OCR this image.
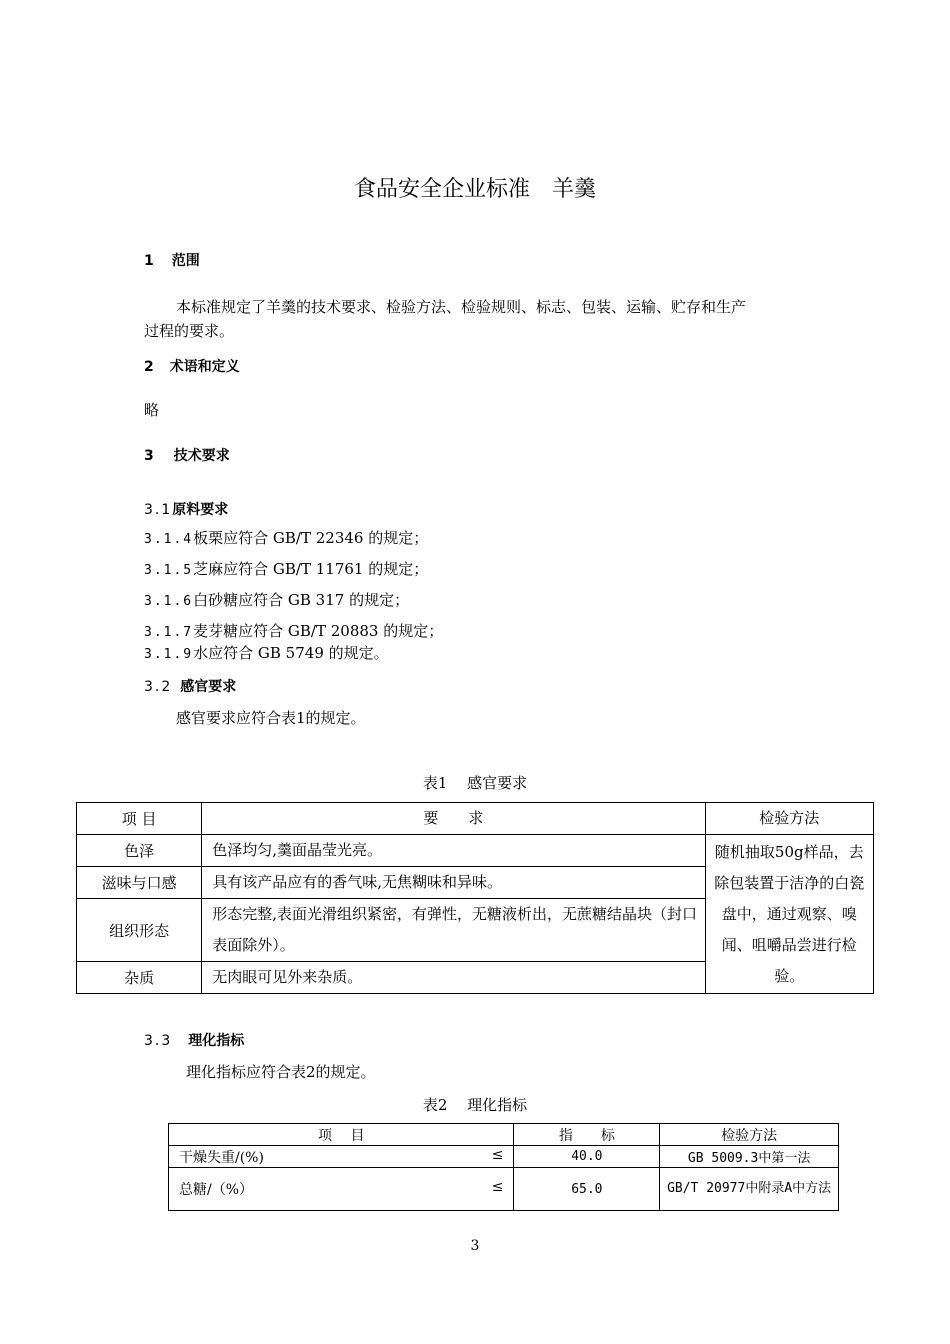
食品安全企业标准　羊羹
1 范围
本标准规定了羊羹的技术要求、检验方法、检验规则、标志、包装、运输、贮存和生产
过程的要求。
2 术语和定义
略
3 技术要求
3.1原料要求
3.1.4板栗应符合 GB/T 22346 的规定；
3.1.5芝麻应符合 GB/T 11761 的规定；
3.1.6白砂糖应符合 GB 317 的规定；
3.1.7麦芽糖应符合 GB/T 20883 的规定；
3.1.9水应符合 GB 5749 的规定。
3.2 感官要求
感官要求应符合表1的规定。
表1　 感官要求
项 目	要　　求	检验方法
色泽	色泽均匀,羹面晶莹光亮。	随机抽取50g样品，去除包装置于洁净的白瓷盘中，通过观察、嗅闻、咀嚼品尝进行检验。
滋味与口感	具有该产品应有的香气味,无焦糊味和异味。	
组织形态	形态完整,表面光滑组织紧密，有弹性，无糖液析出，无蔗糖结晶块（封口表面除外）。	
杂质	无肉眼可见外来杂质。	
3.3 理化指标
理化指标应符合表2的规定。
表2　 理化指标
项　 目	指　　标	检验方法

干燥失重/(%) ≤	40.0	GB 5009.3中第一法

总糖/（%） ≤	65.0	GB/T 20977中附录A中方法
3
